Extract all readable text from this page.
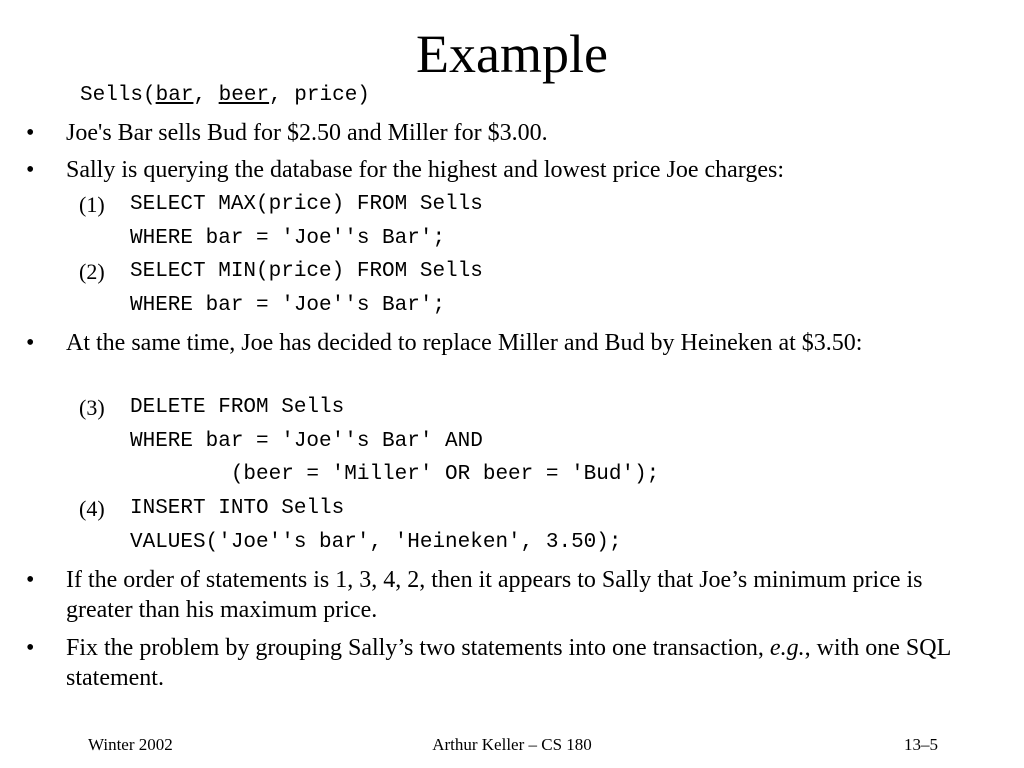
Example
Sells(bar, beer, price)
•	Joe's Bar sells Bud for $2.50 and Miller for $3.00.
•	Sally is querying the database for the highest and lowest price Joe charges:
(1) SELECT MAX(price) FROM Sells
WHERE bar = 'Joe''s Bar';
(2) SELECT MIN(price) FROM Sells
WHERE bar = 'Joe''s Bar';
•	At the same time, Joe has decided to replace Miller and Bud by Heineken at $3.50:
(3) DELETE FROM Sells
WHERE bar = 'Joe''s Bar' AND
(beer = 'Miller' OR beer = 'Bud');
(4) INSERT INTO Sells
VALUES('Joe''s bar', 'Heineken', 3.50);
•	If the order of statements is 1, 3, 4, 2, then it appears to Sally that Joe’s minimum price is greater than his maximum price.
•	Fix the problem by grouping Sally’s two statements into one transaction, e.g., with one SQL statement.
Winter 2002	Arthur Keller – CS 180	13–5
